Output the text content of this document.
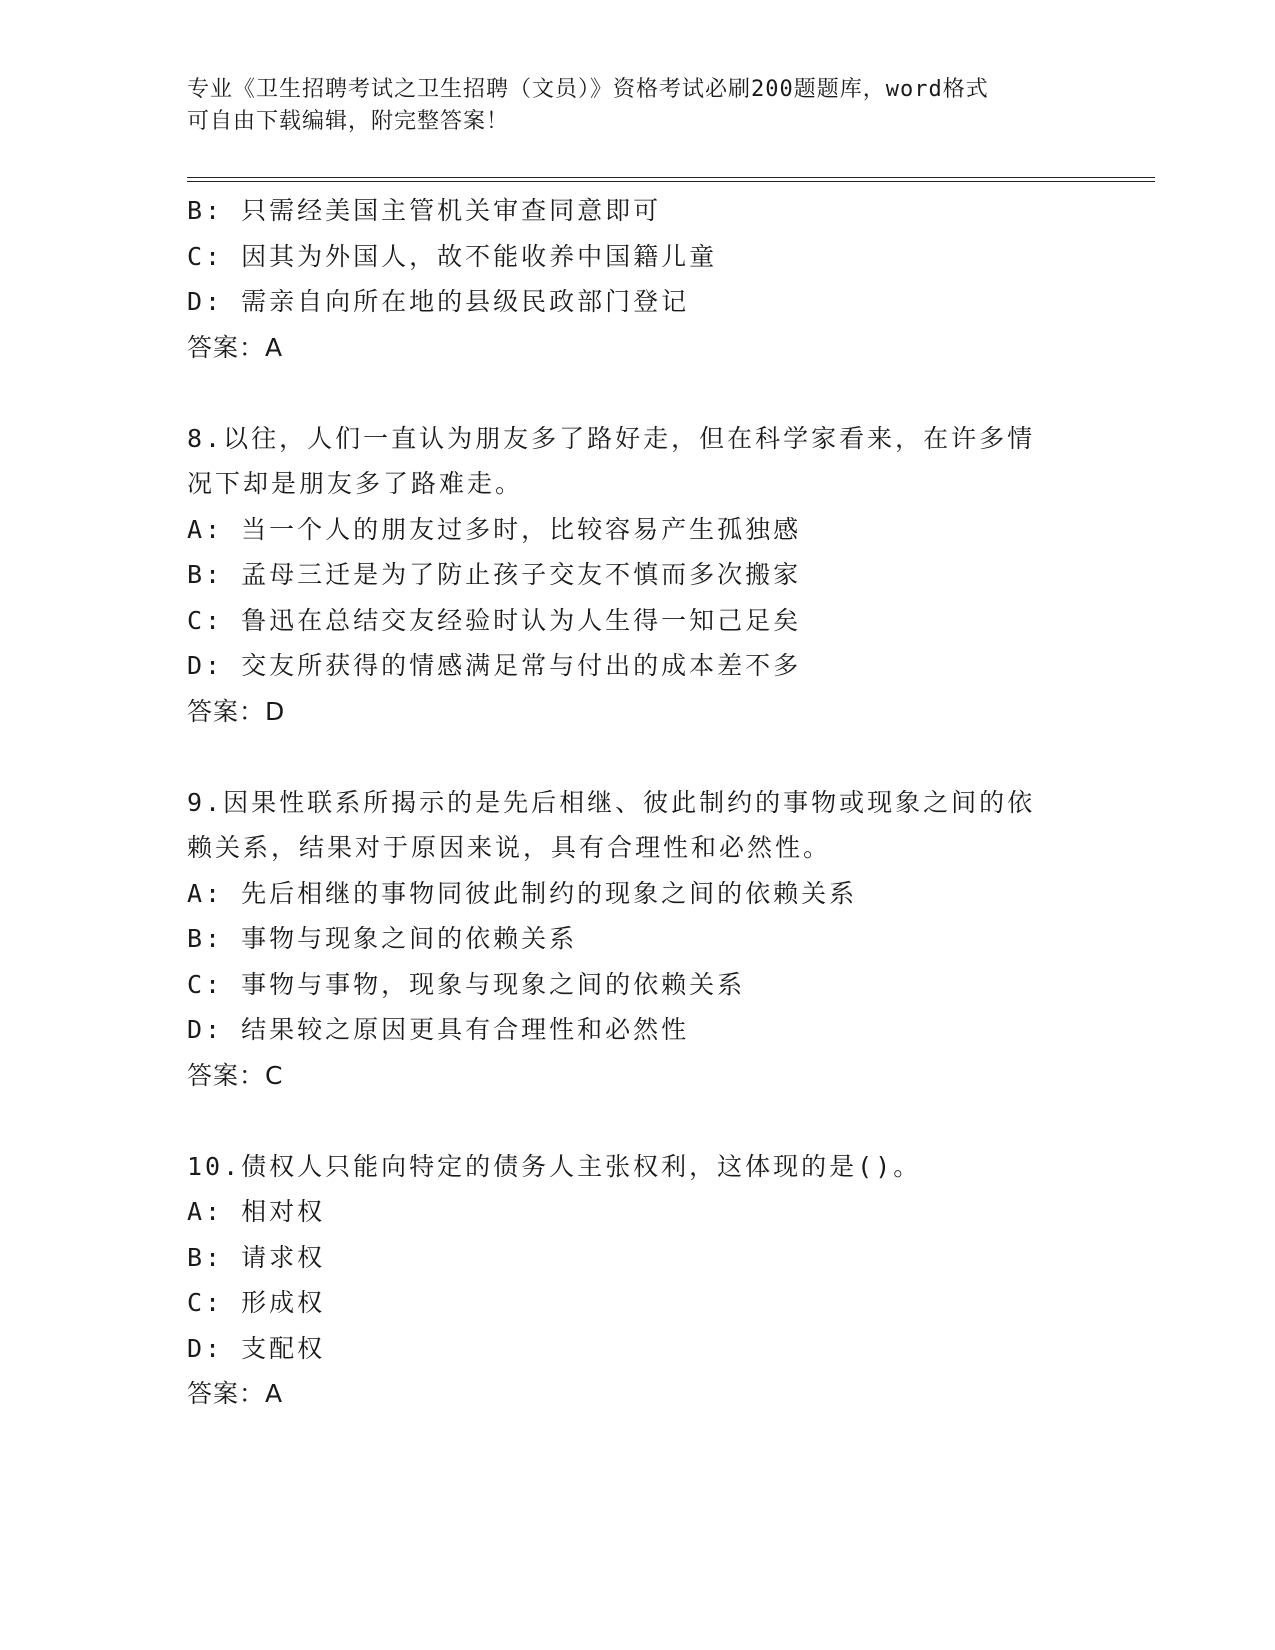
专业《卫生招聘考试之卫生招聘（文员）》资格考试必刷200题题库，word格式
可自由下载编辑，附完整答案！
B: 只需经美国主管机关审查同意即可
C: 因其为外国人，故不能收养中国籍儿童
D: 需亲自向所在地的县级民政部门登记
答案：A
8.以往，人们一直认为朋友多了路好走，但在科学家看来，在许多情
况下却是朋友多了路难走。
A: 当一个人的朋友过多时，比较容易产生孤独感
B: 孟母三迁是为了防止孩子交友不慎而多次搬家
C: 鲁迅在总结交友经验时认为人生得一知己足矣
D: 交友所获得的情感满足常与付出的成本差不多
答案：D
9.因果性联系所揭示的是先后相继、彼此制约的事物或现象之间的依
赖关系，结果对于原因来说，具有合理性和必然性。
A: 先后相继的事物同彼此制约的现象之间的依赖关系
B: 事物与现象之间的依赖关系
C: 事物与事物，现象与现象之间的依赖关系
D: 结果较之原因更具有合理性和必然性
答案：C
10.债权人只能向特定的债务人主张权利，这体现的是()。
A: 相对权
B: 请求权
C: 形成权
D: 支配权
答案：A
